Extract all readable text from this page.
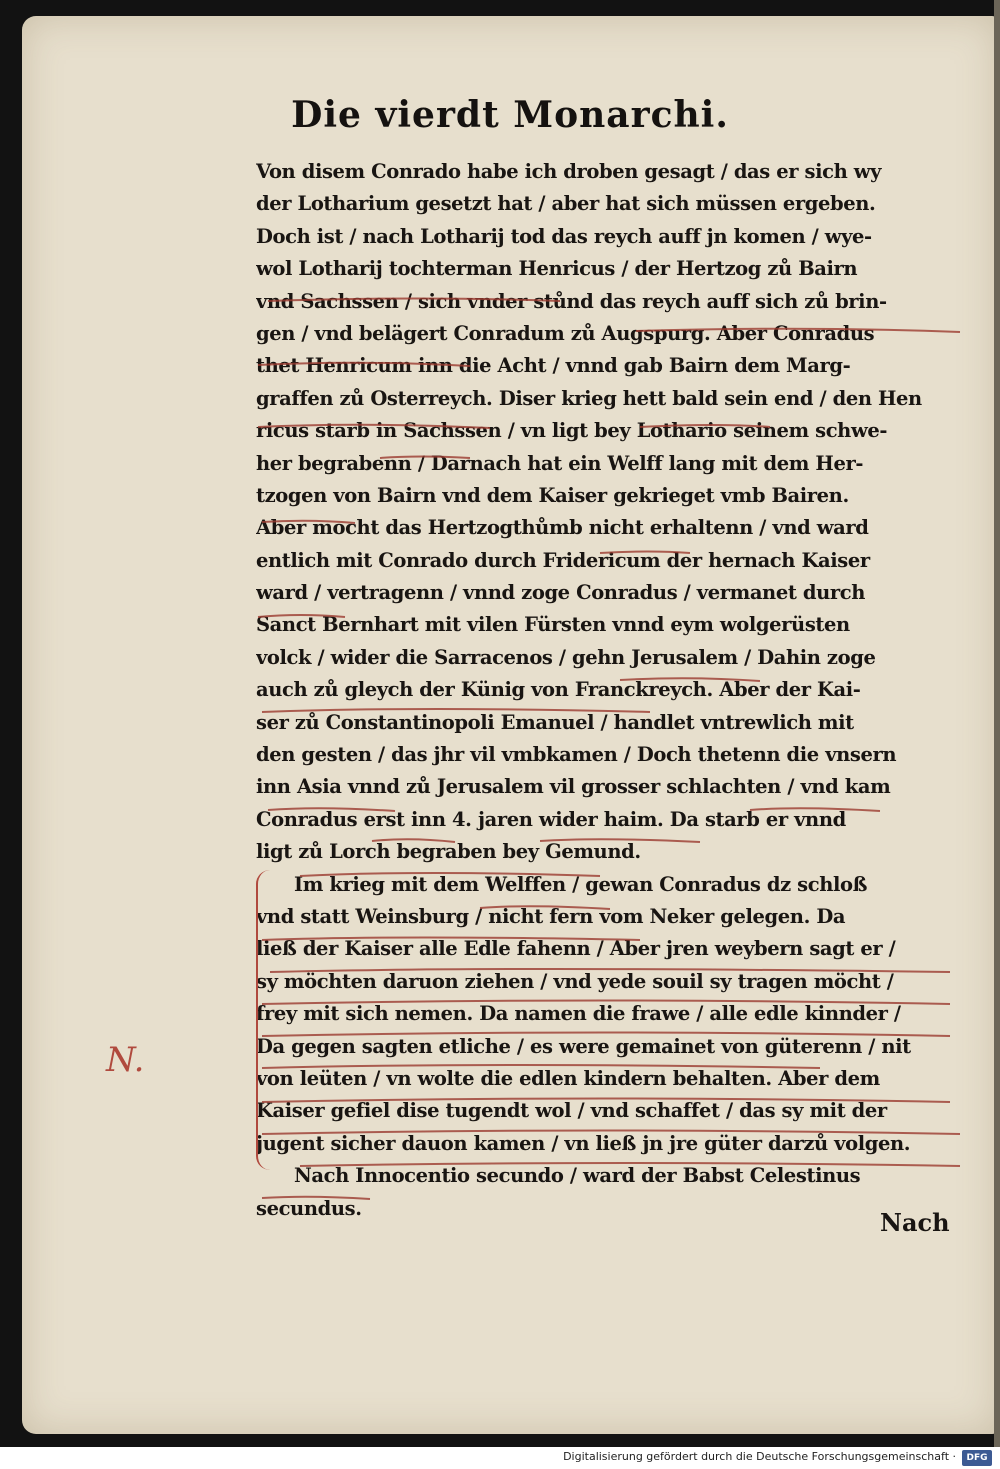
Die vierdt Monarchi.
Von disem Conrado habe ich droben gesagt / das er sich wy
der Lotharium gesetzt hat / aber hat sich müssen ergeben.
Doch ist / nach Lotharij tod das reych auff jn komen / wye-
wol Lotharij tochterman Henricus / der Hertzog zů Bairn
vnd Sachssen / sich vnder stůnd das reych auff sich zů brin-
gen / vnd belägert Conradum zů Augspurg. Aber Conradus
thet Henricum inn die Acht / vnnd gab Bairn dem Marg-
graffen zů Osterreych. Diser krieg hett bald sein end / den Hen
ricus starb in Sachssen / vn ligt bey Lothario seinem schwe-
her begrabenn / Darnach hat ein Welff lang mit dem Her-
tzogen von Bairn vnd dem Kaiser gekrieget vmb Bairen.
Aber mocht das Hertzogthůmb nicht erhaltenn / vnd ward
entlich mit Conrado durch Fridericum der hernach Kaiser
ward / vertragenn / vnnd zoge Conradus / vermanet durch
Sanct Bernhart mit vilen Fürsten vnnd eym wolgerüsten
volck / wider die Sarracenos / gehn Jerusalem / Dahin zoge
auch zů gleych der Künig von Franckreych. Aber der Kai-
ser zů Constantinopoli Emanuel / handlet vntrewlich mit
den gesten / das jhr vil vmbkamen / Doch thetenn die vnsern
inn Asia vnnd zů Jerusalem vil grosser schlachten / vnd kam
Conradus erst inn 4. jaren wider haim. Da starb er vnnd
ligt zů Lorch begraben bey Gemund.
Im krieg mit dem Welffen / gewan Conradus dz schloß
vnd statt Weinsburg / nicht fern vom Neker gelegen. Da
ließ der Kaiser alle Edle fahenn / Aber jren weybern sagt er /
sy möchten daruon ziehen / vnd yede souil sy tragen möcht /
frey mit sich nemen. Da namen die frawe / alle edle kinnder /
Da gegen sagten etliche / es were gemainet von güterenn / nit
von leüten / vn wolte die edlen kindern behalten. Aber dem
Kaiser gefiel dise tugendt wol / vnd schaffet / das sy mit der
jugent sicher dauon kamen / vn ließ jn jre güter darzů volgen.
Nach Innocentio secundo / ward der Babst Celestinus
secundus.	Nach
N.
Digitalisierung gefördert durch die Deutsche Forschungsgemeinschaft ·	DFG
